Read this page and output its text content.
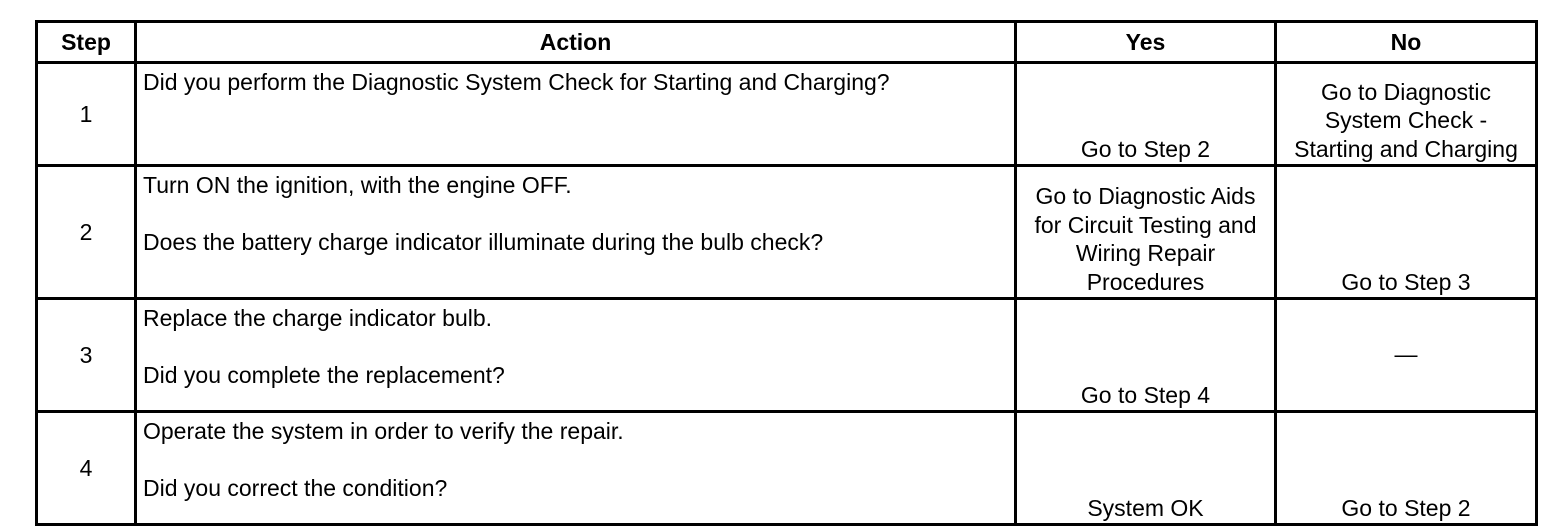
Step	Action	Yes	No
1	Did you perform the Diagnostic System Check for Starting and Charging?	Go to Step 2	Go to Diagnostic
System Check -
Starting and Charging
2	Turn ON the ignition, with the engine OFF.
Does the battery charge indicator illuminate during the bulb check?	Go to Diagnostic Aids
for Circuit Testing and
Wiring Repair
Procedures	Go to Step 3
3	Replace the charge indicator bulb.
Did you complete the replacement?	Go to Step 4	—
4	Operate the system in order to verify the repair.
Did you correct the condition?	System OK	Go to Step 2
